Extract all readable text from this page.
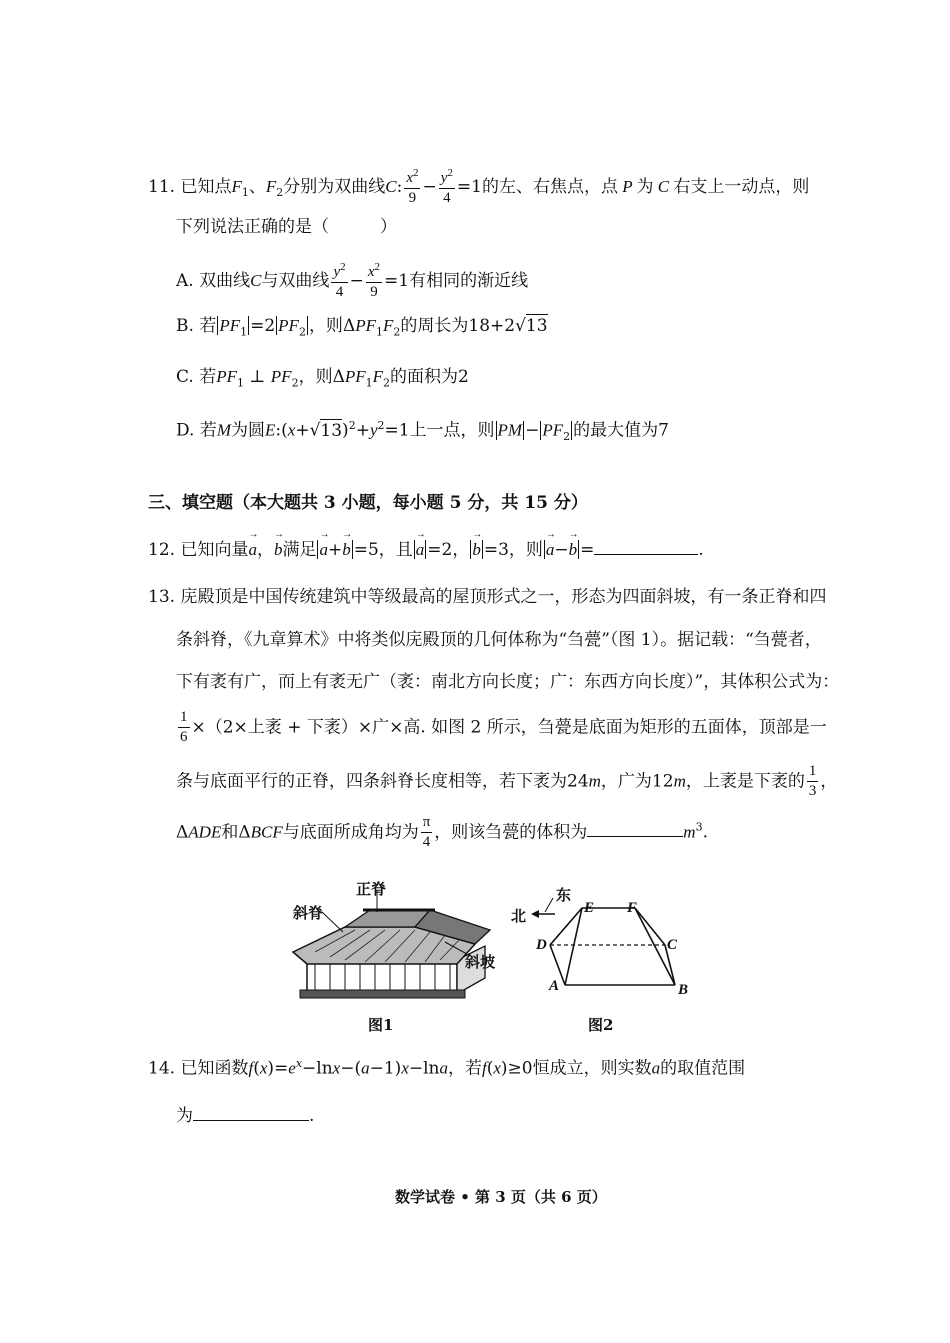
11. 已知点$F_1$、$F_2$分别为双曲线C: $\frac{x^2}{9} - \frac{y^2}{4} =1$的左、右焦点，点 P 为 C 右支上一动点，则
下列说法正确的是（　　　）
A. 双曲线C与双曲线 $\frac{y^2}{4} - \frac{x^2}{9} =1$有相同的渐近线
B. 若 $PF_1 =2$ $PF_2$ ，则$\Delta PF_1F_2$的周长为18+2√13
C. 若$PF_1$ ⊥ $PF_2$，则$\Delta PF_1F_2$的面积为2
D. 若M为圆$E:(x+√13)^2+y^2=1$上一点，则 PM − $PF_2$ 的最大值为7
三、填空题（本大题共 3 小题，每小题 5 分，共 15 分）
12. 已知向量→ a，→ b满足 → a+→ b =5，且 → a =2， → b =3，则 → a−→ b =	.
13. 庑殿顶是中国传统建筑中等级最高的屋顶形式之一，形态为四面斜坡，有一条正脊和四
条斜脊，《九章算术》中将类似庑殿顶的几何体称为“刍甍”（图 1）。据记载：“刍甍者，
下有袤有广，而上有袤无广（袤：南北方向长度；广：东西方向长度）”，其体积公式为：
$\frac{1}{6} \times(2\times$上袤 + 下袤）×广×高. 如图 2 所示，刍甍是底面为矩形的五面体，顶部是一
条与底面平行的正脊，四条斜脊长度相等，若下袤为24m，广为12m，上袤是下袤的 $\frac{1}{3}$ ，
ΔADE和ΔBCF与底面所成角均为 $\frac{\pi}{4}$ ，则该刍甍的体积为	$m^3$.
正脊
斜脊
斜坡
图1
北
东
E F
D	C
A	B
图2
14. 已知函数$f(x)=e^x-\ln x-(a-1)x-\ln a$，若f(x)≥0恒成立，则实数a的取值范围
为	.
数学试卷 • 第 3 页（共 6 页）
